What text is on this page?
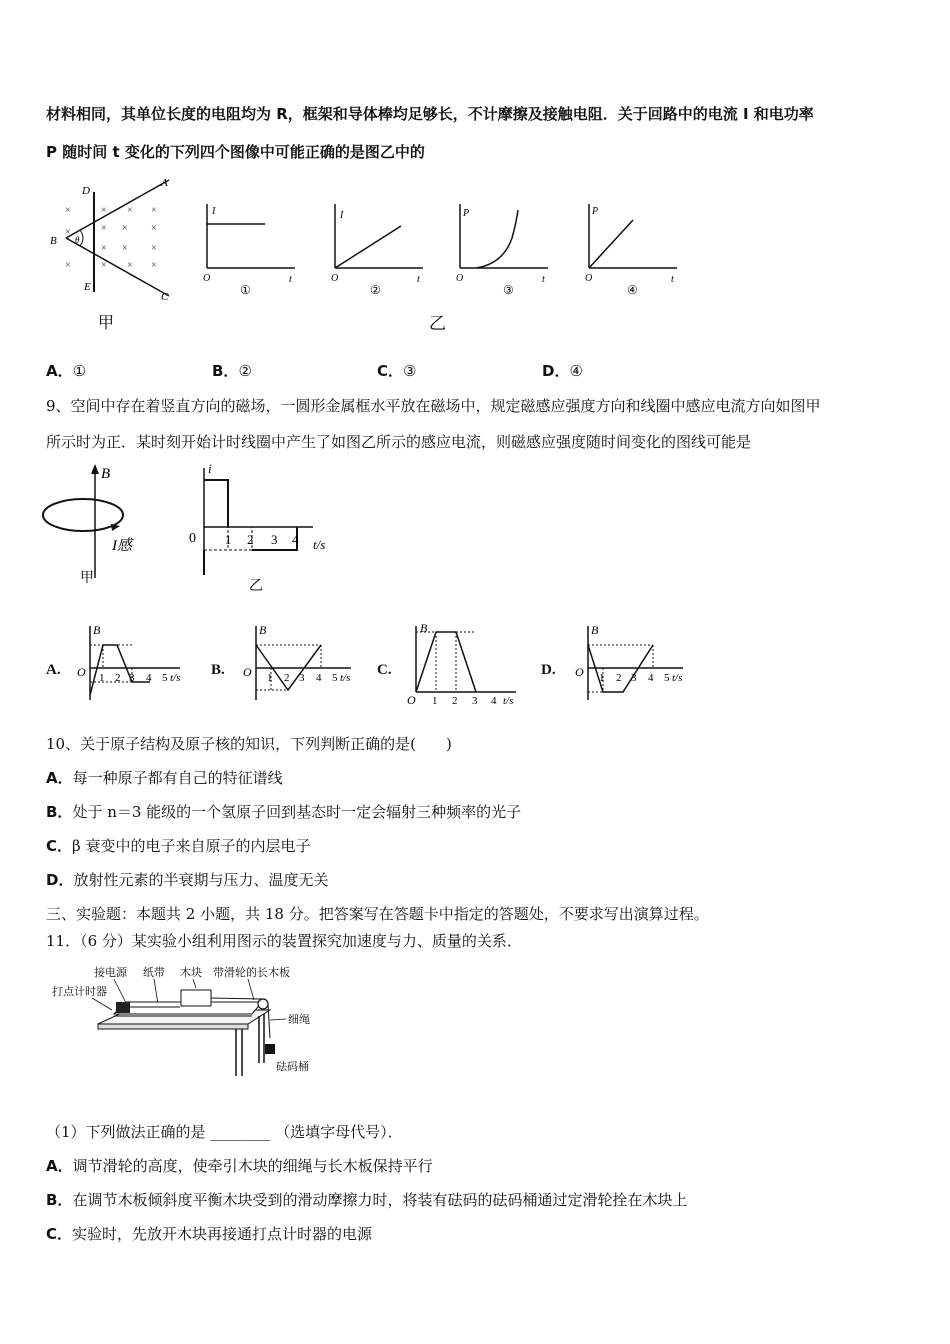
材料相同，其单位长度的电阻均为 R，框架和导体棒均足够长，不计摩擦及接触电阻．关于回路中的电流 I 和电功率
P 随时间 t 变化的下列四个图像中可能正确的是图乙中的
×	× × ×
×	× × ×
× × ×
×	× × ×
D
A
B θ
E
C
甲
I
t
O
①
I
t
O
②
P
t
O
③
P
t
O
④
乙
A．①	B．②	C．③	D．④
9、空间中存在着竖直方向的磁场，一圆形金属框水平放在磁场中，规定磁感应强度方向和线圈中感应电流方向如图甲
所示时为正．某时刻开始计时线圈中产生了如图乙所示的感应电流，则磁感应强度随时间变化的图线可能是
B
I感
甲
i
t/s
0 1 2 3 4
乙
A.
B
O 1 2 3 4 5 t/s B.
B
O 1 2 3 4 5 t/s C.
B
O 1 2 3 4 t/s
D.
B
O 1 2 3 4 5 t/s
10、关于原子结构及原子核的知识，下列判断正确的是(　　)
A．每一种原子都有自己的特征谱线
B．处于 n＝3 能级的一个氢原子回到基态时一定会辐射三种频率的光子
C．β 衰变中的电子来自原子的内层电子
D．放射性元素的半衰期与压力、温度无关
三、实验题：本题共 2 小题，共 18 分。把答案写在答题卡中指定的答题处，不要求写出演算过程。
11．（6 分）某实验小组利用图示的装置探究加速度与力、质量的关系．
接电源 纸带 木块 带滑轮的长木板
打点计时器
细绳
砝码桶
（1）下列做法正确的是 ________ （选填字母代号）．
A．调节滑轮的高度，使牵引木块的细绳与长木板保持平行
B．在调节木板倾斜度平衡木块受到的滑动摩擦力时，将装有砝码的砝码桶通过定滑轮拴在木块上
C．实验时，先放开木块再接通打点计时器的电源
